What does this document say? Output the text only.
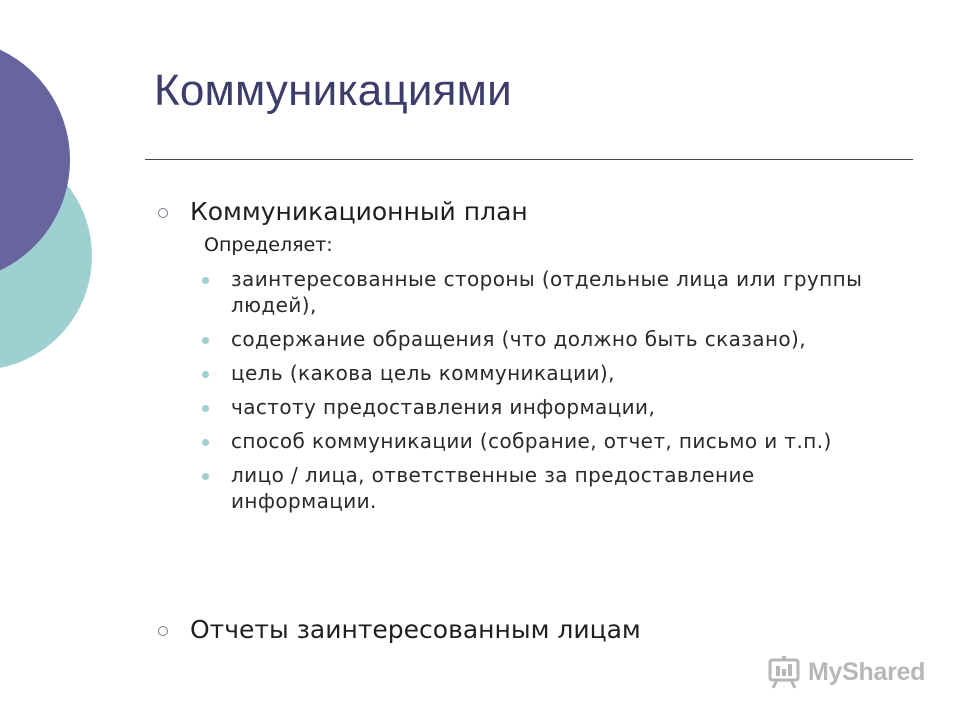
Коммуникациями
Коммуникационный план
Определяет:
заинтересованные стороны (отдельные лица или группы людей),
содержание обращения (что должно быть сказано),
цель (какова цель коммуникации),
частоту предоставления информации,
способ коммуникации (собрание, отчет, письмо и т.п.)
лицо / лица, ответственные за предоставление информации.
Отчеты заинтересованным лицам
MyShared
